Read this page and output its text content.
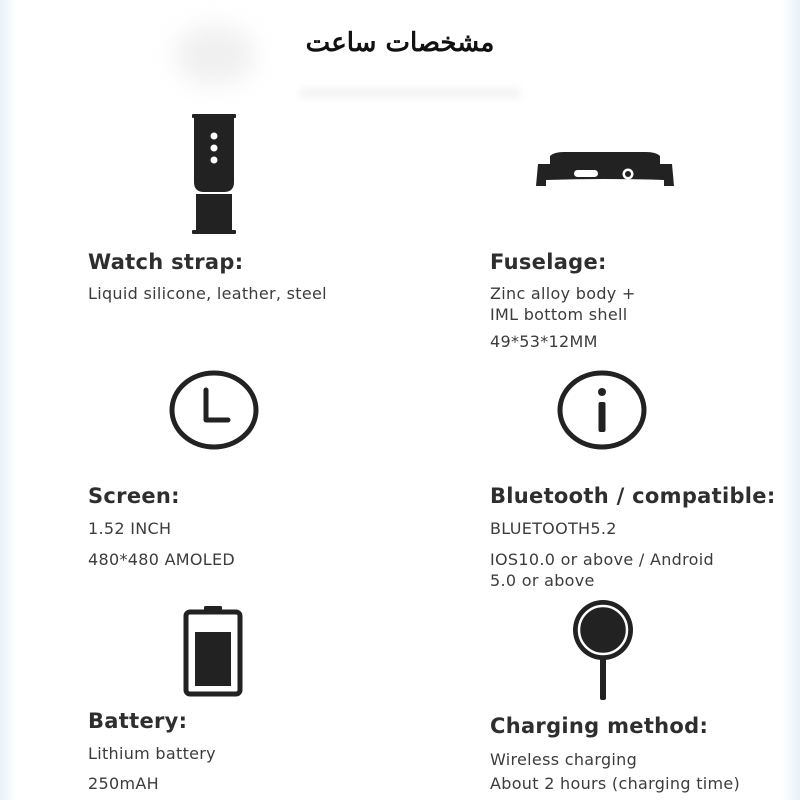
مشخصات ساعت
Watch strap:
Liquid silicone, leather, steel
Fuselage:
Zinc alloy body +
IML bottom shell
49*53*12MM
Screen:
1.52 INCH
480*480 AMOLED
Bluetooth / compatible:
BLUETOOTH5.2
IOS10.0 or above / Android
5.0 or above
Battery:
Lithium battery
250mAH
Charging method:
Wireless charging
About 2 hours (charging time)
